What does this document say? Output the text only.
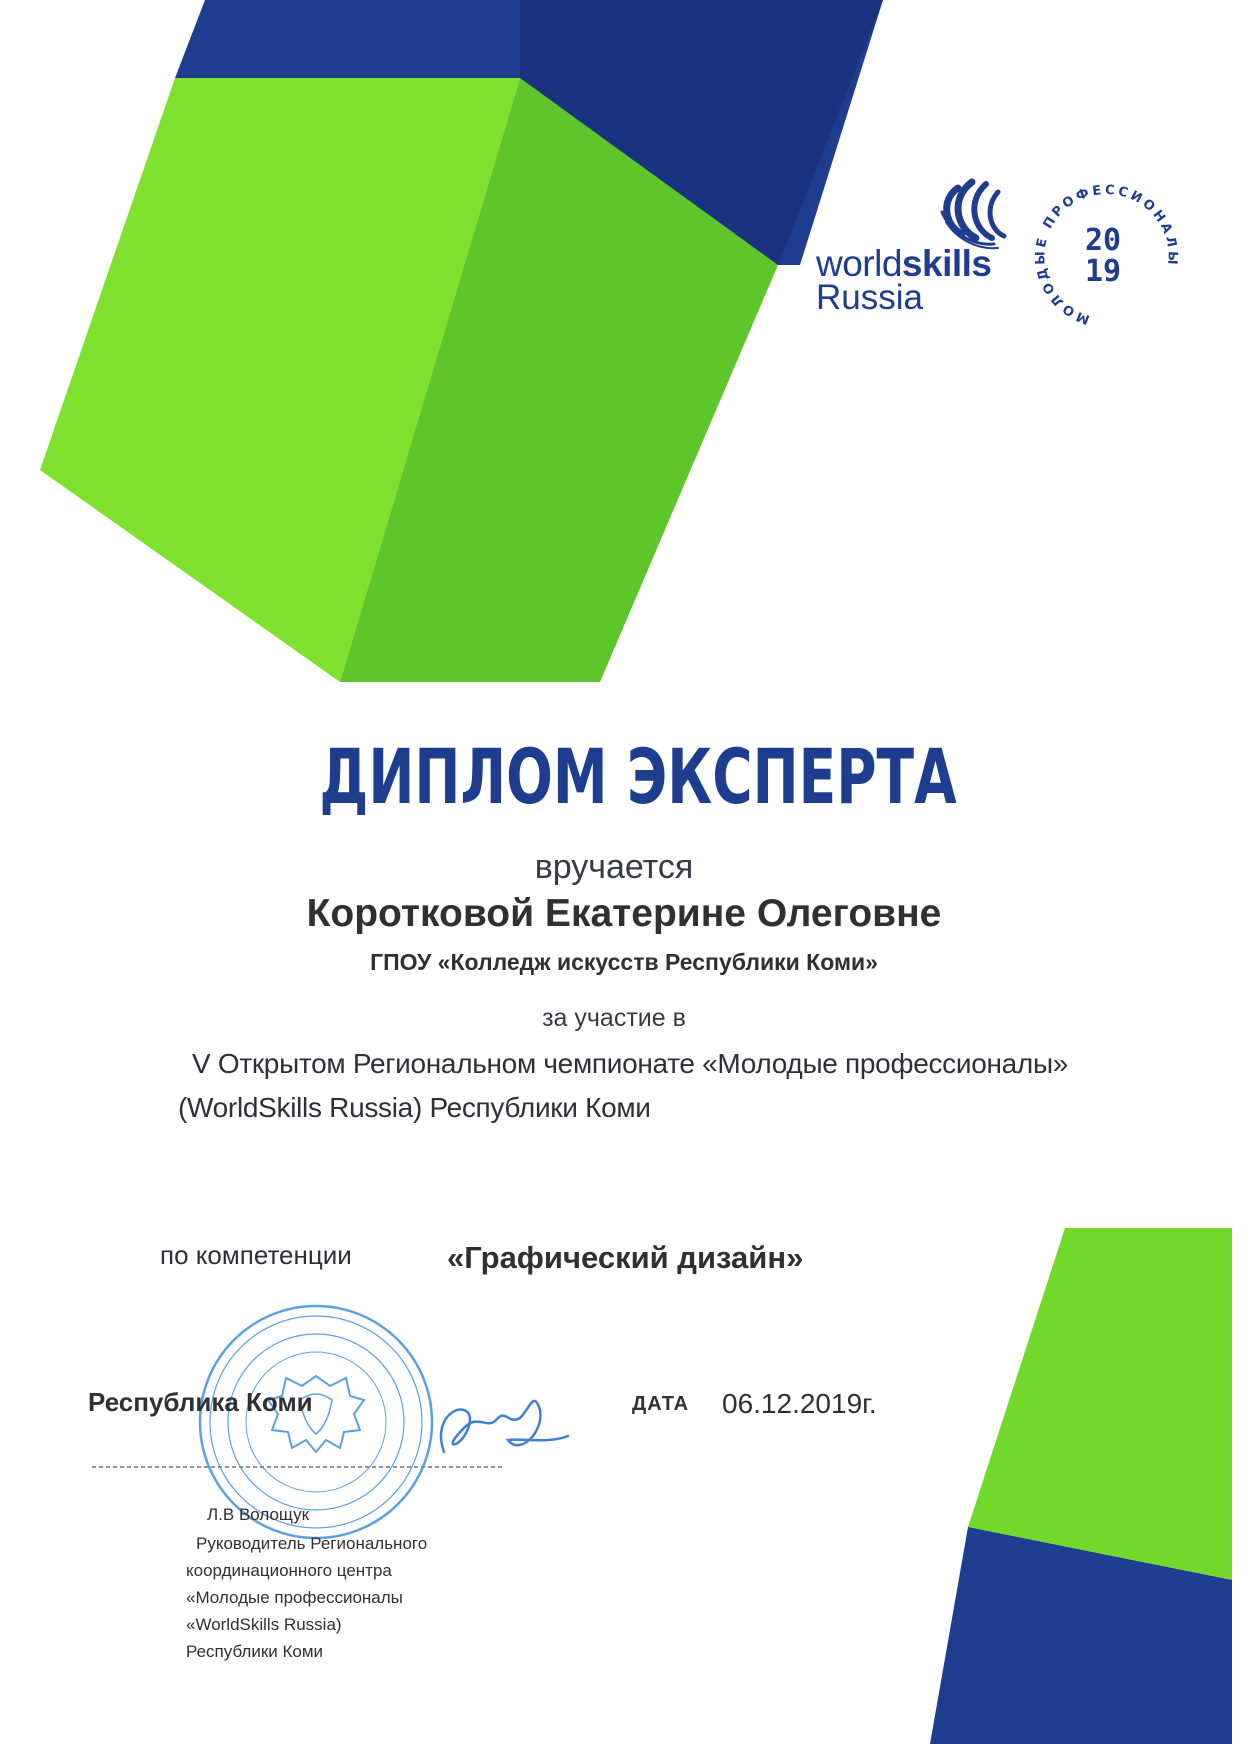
МОЛОДЫЕ ПРОФЕССИОНАЛЫ
20
19
ДИПЛОМ ЭКСПЕРТА
worldskills
Russia
вручается
Коротковой Екатерине Олеговне
ГПОУ «Колледж искусств Республики Коми»
за участие в
V Открытом Региональном чемпионате «Молодые профессионалы»
(WorldSkills Russia) Республики Коми
по компетенции	«Графический дизайн»
Республика Коми	ДАТА 06.12.2019г.
Л.В Волощук
Руководитель Регионального
координационного центра
«Молодые профессионалы
«WorldSkills Russia)
Республики Коми
